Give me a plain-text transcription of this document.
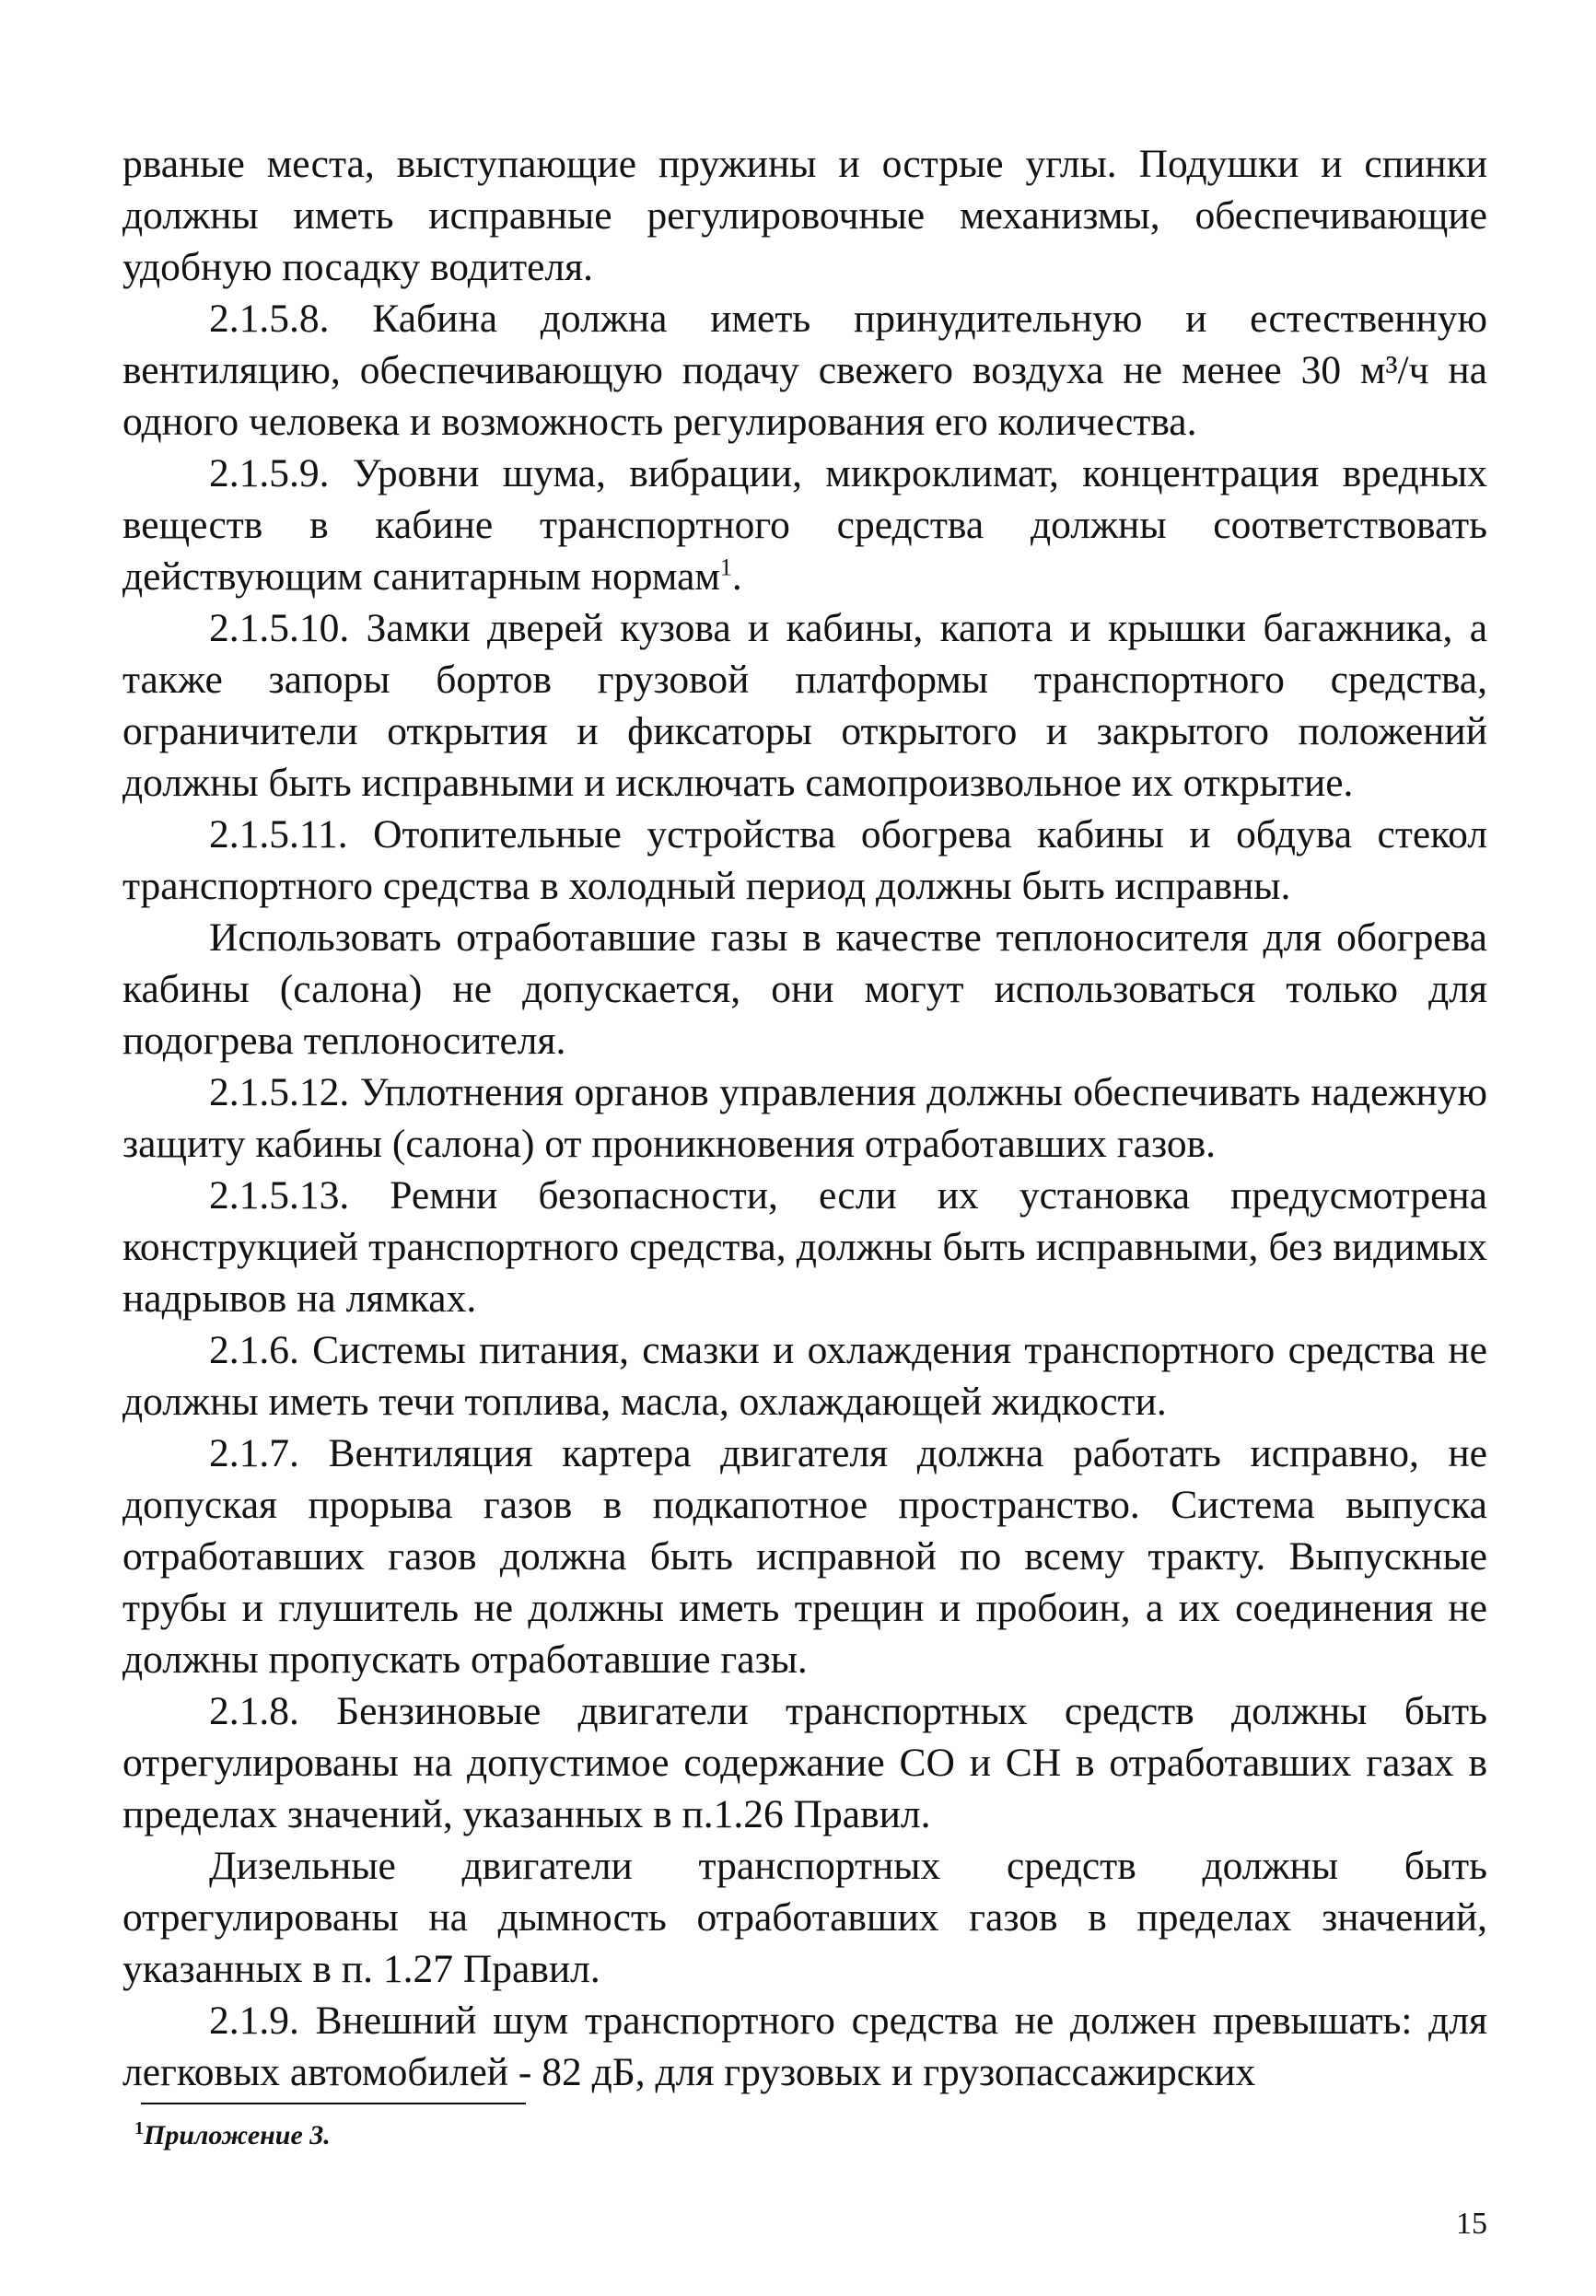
рваные места, выступающие пружины и острые углы. Подушки и спинки должны иметь исправные регулировочные механизмы, обеспечивающие удобную посадку водителя.

2.1.5.8. Кабина должна иметь принудительную и естественную вентиляцию, обеспечивающую подачу свежего воздуха не менее 30 м³/ч на одного человека и возможность регулирования его количества.

2.1.5.9. Уровни шума, вибрации, микроклимат, концентрация вредных веществ в кабине транспортного средства должны соответствовать действующим санитарным нормам$^1$.

2.1.5.10. Замки дверей кузова и кабины, капота и крышки багажника, а также запоры бортов грузовой платформы транспортного средства, ограничители открытия и фиксаторы открытого и закрытого положений должны быть исправными и исключать самопроизвольное их открытие.

2.1.5.11. Отопительные устройства обогрева кабины и обдува стекол транспортного средства в холодный период должны быть исправны.

Использовать отработавшие газы в качестве теплоносителя для обогрева кабины (салона) не допускается, они могут использоваться только для подогрева теплоносителя.

2.1.5.12. Уплотнения органов управления должны обеспечивать надежную защиту кабины (салона) от проникновения отработавших газов.

2.1.5.13. Ремни безопасности, если их установка предусмотрена конструкцией транспортного средства, должны быть исправными, без видимых надрывов на лямках.

2.1.6. Системы питания, смазки и охлаждения транспортного средства не должны иметь течи топлива, масла, охлаждающей жидкости.

2.1.7. Вентиляция картера двигателя должна работать исправно, не допуская прорыва газов в подкапотное пространство. Система выпуска отработавших газов должна быть исправной по всему тракту. Выпускные трубы и глушитель не должны иметь трещин и пробоин, а их соединения не должны пропускать отработавшие газы.

2.1.8. Бензиновые двигатели транспортных средств должны быть отрегулированы на допустимое содержание СО и СН в отработавших газах в пределах значений, указанных в п.1.26 Правил.

Дизельные двигатели транспортных средств должны быть отрегулированы на дымность отработавших газов в пределах значений, указанных в п. 1.27 Правил.

2.1.9. Внешний шум транспортного средства не должен превышать: для легковых автомобилей - 82 дБ, для грузовых и грузопассажирских

$^1$Приложение 3.
15
